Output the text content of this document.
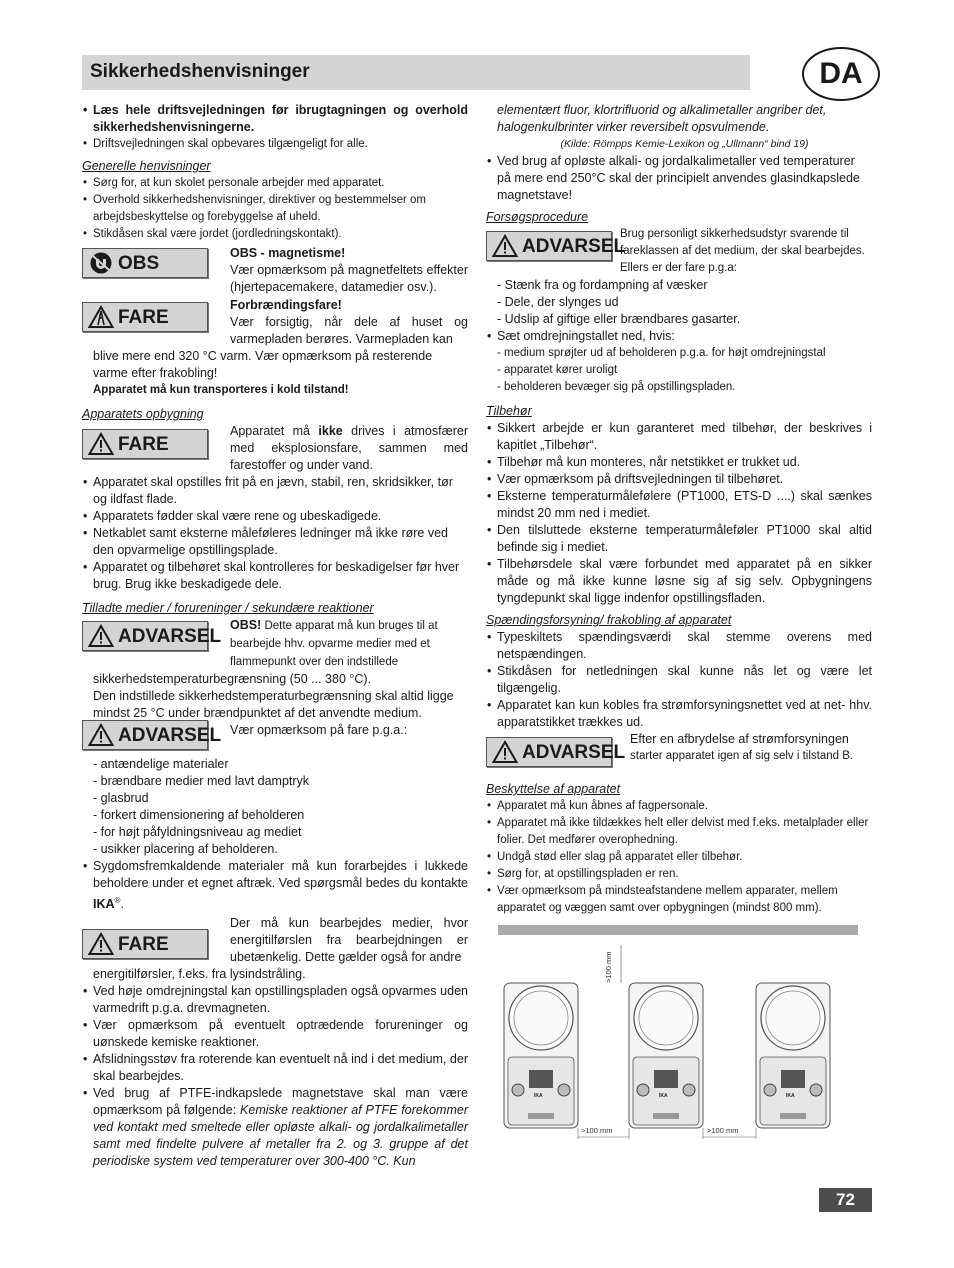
Sikkerhedshenvisninger	DA
• Læs hele driftsvejledningen før ibrugtagningen og overhold sikkerhedshenvisningerne.
• Driftsvejledningen skal opbevares tilgængeligt for alle.

Generelle henvisninger

• Sørg for, at kun skolet personale arbejder med apparatet.
• Overhold sikkerhedshenvisninger, direktiver og bestemmelser om arbejdsbeskyttelse og forebyggelse af uheld.
• Stikdåsen skal være jordet (jordledningskontakt).
OBS	OBS - magnetisme!

Vær opmærksom på magnetfeltets effekter (hjertepacemakere, datamedier osv.).

FARE

Forbrændingsfare!

Vær forsigtig, når dele af huset og varmepladen berøres. Varmepladen kan

blive mere end 320 °C varm. Vær opmærksom på resterende varme efter frakobling!

Apparatet må kun transporteres i kold tilstand!

Apparatets opbygning

FARE

Apparatet må ikke drives i atmosfærer med eksplosionsfare, sammen med farestoffer og under vand.

• Apparatet skal opstilles frit på en jævn, stabil, ren, skridsikker, tør og ildfast flade.
• Apparatets fødder skal være rene og ubeskadigede.
• Netkablet samt eksterne måleføleres ledninger må ikke røre ved den opvarmelige opstillingsplade.
• Apparatet og tilbehøret skal kontrolleres for beskadigelser før hver brug. Brug ikke beskadigede dele.

Tilladte medier / forureninger / sekundære reaktioner

ADVARSEL

OBS! Dette apparat må kun bruges til at bearbejde hhv. opvarme medier med et flammepunkt over den indstillede

sikkerhedstemperaturbegrænsning (50 ... 380 °C).

Den indstillede sikkerhedstemperaturbegrænsning skal altid ligge mindst 25 °C under brændpunktet af det anvendte medium.

ADVARSEL Vær opmærksom på fare p.g.a.:

- antændelige materialer
- brændbare medier med lavt damptryk
- glasbrud
- forkert dimensionering af beholderen
- for højt påfyldningsniveau ag mediet
- usikker placering af beholderen.
• Sygdomsfremkaldende materialer må kun forarbejdes i lukkede beholdere under et egnet aftræk. Ved spørgsmål bedes du kontakte IKA®.
FARE

Der må kun bearbejdes medier, hvor energitilførslen fra bearbejdningen er ubetænkelig. Dette gælder også for andre

energitilførsler, f.eks. fra lysindstråling.

• Ved høje omdrejningstal kan opstillingspladen også opvarmes uden varmedrift p.g.a. drevmagneten.
• Vær opmærksom på eventuelt optrædende forureninger og uønskede kemiske reaktioner.
• Afslidningsstøv fra roterende kan eventuelt nå ind i det medium, der skal bearbejdes.
• Ved brug af PTFE-indkapslede magnetstave skal man være opmærksom på følgende: Kemiske reaktioner af PTFE forekommer ved kontakt med smeltede eller opløste alkali- og jordalkalimetaller samt med findelte pulvere af metaller fra 2. og 3. gruppe af det periodiske system ved temperaturer over 300-400 °C. Kun

elementært fluor, klortrifluorid og alkalimetaller angriber det, halogenkulbrinter virker reversibelt opsvulmende.

(Kilde: Römpps Kemie-Lexikon og „Ullmann“ bind 19)

• Ved brug af opløste alkali- og jordalkalimetaller ved temperaturer på mere end 250°C skal der principielt anvendes glasindkapslede magnetstave!

Forsøgsprocedure

ADVARSEL

Brug personligt sikkerhedsudstyr svarende til fareklassen af det medium, der skal bearbejdes. Ellers er der fare p.g.a:

- Stænk fra og fordampning af væsker
- Dele, der slynges ud
- Udslip af giftige eller brændbares gasarter.
• Sæt omdrejningstallet ned, hvis:
- medium sprøjter ud af beholderen p.g.a. for højt omdrejningstal
- apparatet kører uroligt
- beholderen bevæger sig på opstillingspladen.

Tilbehør

• Sikkert arbejde er kun garanteret med tilbehør, der beskrives i kapitlet „Tilbehør“.
• Tilbehør må kun monteres, når netstikket er trukket ud.
• Vær opmærksom på driftsvejledningen til tilbehøret.
• Eksterne temperaturmålefølere (PT1000, ETS-D ....) skal sænkes mindst 20 mm ned i mediet.
• Den tilsluttede eksterne temperaturmåleføler PT1000 skal altid befinde sig i mediet.
• Tilbehørsdele skal være forbundet med apparatet på en sikker måde og må ikke kunne løsne sig af sig selv. Opbygningens tyngdepunkt skal ligge indenfor opstillingsfladen.

Spændingsforsyning/ frakobling af apparatet

• Typeskiltets spændingsværdi skal stemme overens med netspændingen.
• Stikdåsen for netledningen skal kunne nås let og være let tilgængelig.
• Apparatet kan kun kobles fra strømforsyningsnettet ved at net- hhv. apparatstikket trækkes ud.
ADVARSEL

Efter en afbrydelse af strømforsyningen

starter apparatet igen af sig selv i tilstand B.

Beskyttelse af apparatet

• Apparatet må kun åbnes af fagpersonale.
• Apparatet må ikke tildækkes helt eller delvist med f.eks. metalplader eller folier. Det medfører overophedning.
• Undgå stød eller slag på apparatet eller tilbehør.
• Sørg for, at opstillingspladen er ren.
• Vær opmærksom på mindsteafstandene mellem apparater, mellem apparatet og væggen samt over opbygningen (mindst 800 mm).
>100 mm
IKA	IKA	IKA
>100 mm	>100 mm
72
